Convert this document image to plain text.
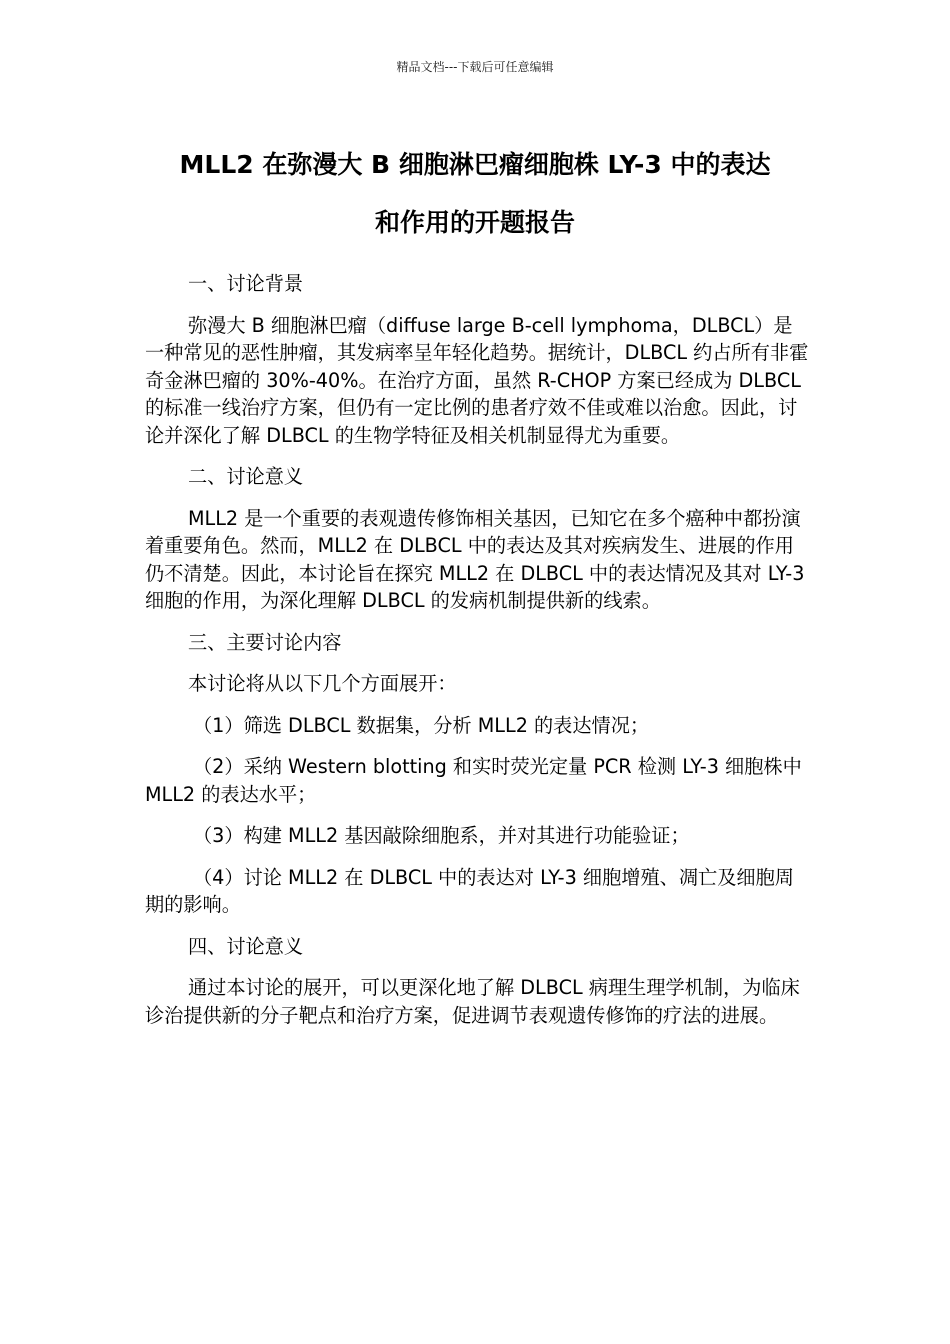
精品文档---下载后可任意编辑
MLL2 在弥漫大 B 细胞淋巴瘤细胞株 LY-3 中的表达
和作用的开题报告

一、讨论背景

弥漫大 B 细胞淋巴瘤（diffuse large B-cell lymphoma，DLBCL）是一种常见的恶性肿瘤，其发病率呈年轻化趋势。据统计，DLBCL 约占所有非霍奇金淋巴瘤的 30%-40%。在治疗方面，虽然 R-CHOP 方案已经成为 DLBCL 的标准一线治疗方案，但仍有一定比例的患者疗效不佳或难以治愈。因此，讨论并深化了解 DLBCL 的生物学特征及相关机制显得尤为重要。

二、讨论意义

MLL2 是一个重要的表观遗传修饰相关基因，已知它在多个癌种中都扮演着重要角色。然而，MLL2 在 DLBCL 中的表达及其对疾病发生、进展的作用仍不清楚。因此，本讨论旨在探究 MLL2 在 DLBCL 中的表达情况及其对 LY-3 细胞的作用，为深化理解 DLBCL 的发病机制提供新的线索。

三、主要讨论内容

本讨论将从以下几个方面展开：

（1）筛选 DLBCL 数据集，分析 MLL2 的表达情况；

（2）采纳 Western blotting 和实时荧光定量 PCR 检测 LY-3 细胞株中 MLL2 的表达水平；

（3）构建 MLL2 基因敲除细胞系，并对其进行功能验证；

（4）讨论 MLL2 在 DLBCL 中的表达对 LY-3 细胞增殖、凋亡及细胞周期的影响。

四、讨论意义

通过本讨论的展开，可以更深化地了解 DLBCL 病理生理学机制，为临床诊治提供新的分子靶点和治疗方案，促进调节表观遗传修饰的疗法的进展。
